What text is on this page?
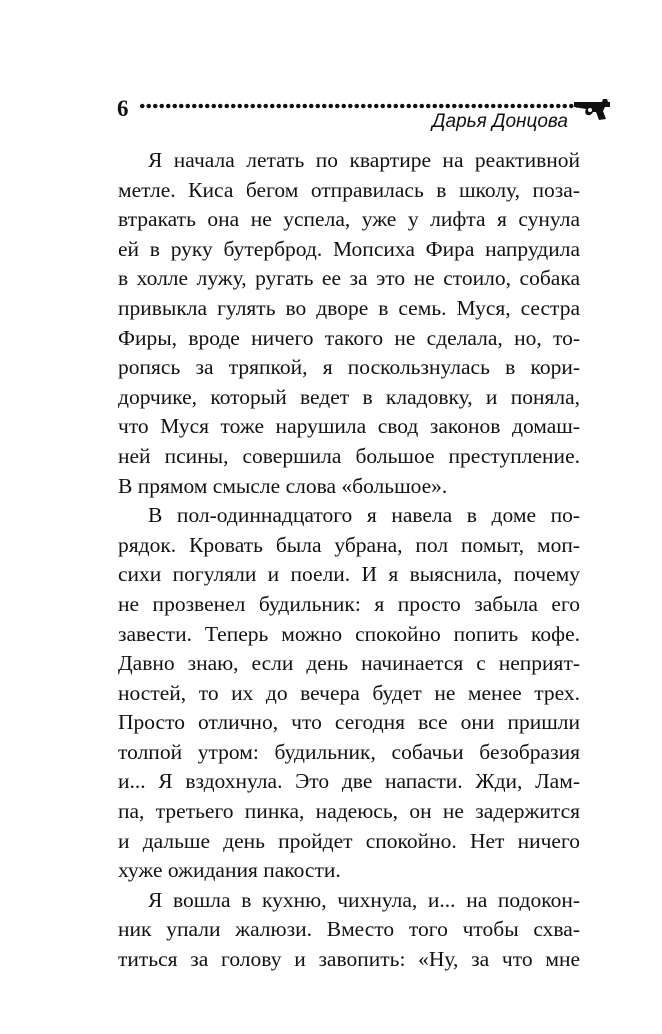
6
Дарья Донцова
Я начала летать по квартире на реактивной
метле. Киса бегом отправилась в школу, поза-
втракать она не успела, уже у лифта я сунула
ей в руку бутерброд. Мопсиха Фира напрудила
в холле лужу, ругать ее за это не стоило, собака
привыкла гулять во дворе в семь. Муся, сестра
Фиры, вроде ничего такого не сделала, но, то-
ропясь за тряпкой, я поскользнулась в кори-
дорчике, который ведет в кладовку, и поняла,
что Муся тоже нарушила свод законов домаш-
ней псины, совершила большое преступление.
В прямом смысле слова «большое».
В пол-одиннадцатого я навела в доме по-
рядок. Кровать была убрана, пол помыт, моп-
сихи погуляли и поели. И я выяснила, почему
не прозвенел будильник: я просто забыла его
завести. Теперь можно спокойно попить кофе.
Давно знаю, если день начинается с неприят-
ностей, то их до вечера будет не менее трех.
Просто отлично, что сегодня все они пришли
толпой утром: будильник, собачьи безобразия
и... Я вздохнула. Это две напасти. Жди, Лам-
па, третьего пинка, надеюсь, он не задержится
и дальше день пройдет спокойно. Нет ничего
хуже ожидания пакости.
Я вошла в кухню, чихнула, и... на подокон-
ник упали жалюзи. Вместо того чтобы схва-
титься за голову и завопить: «Ну, за что мне
